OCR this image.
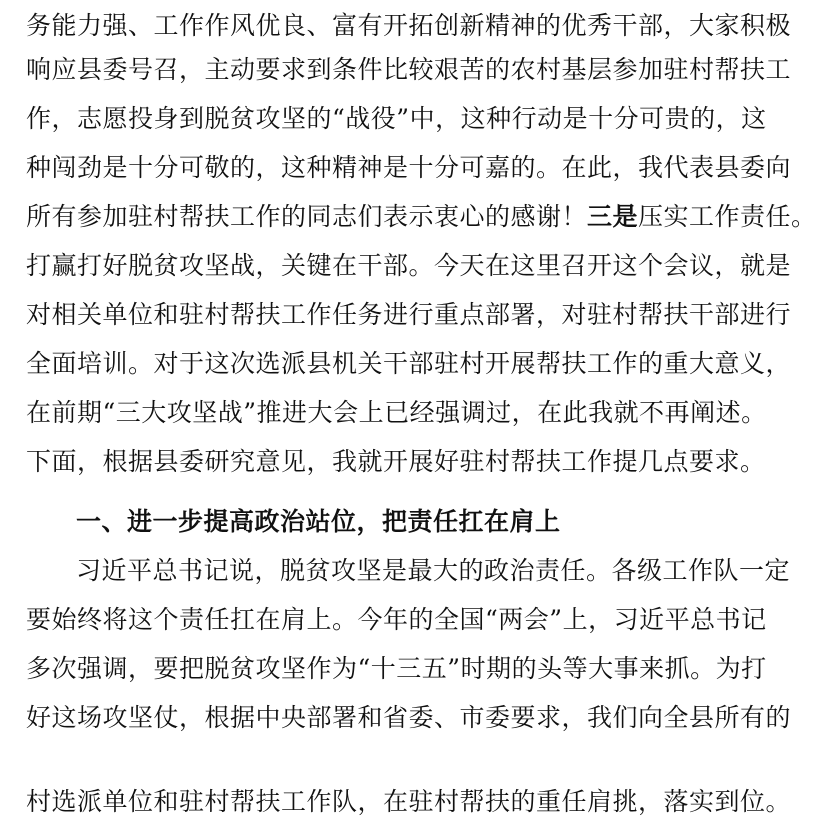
务能力强、工作作风优良、富有开拓创新精神的优秀干部，大家积极
响应县委号召，主动要求到条件比较艰苦的农村基层参加驻村帮扶工
作，志愿投身到脱贫攻坚的“战役”中，这种行动是十分可贵的，这
种闯劲是十分可敬的，这种精神是十分可嘉的。在此，我代表县委向
所有参加驻村帮扶工作的同志们表示衷心的感谢！三是压实工作责任。
打赢打好脱贫攻坚战，关键在干部。今天在这里召开这个会议，就是
对相关单位和驻村帮扶工作任务进行重点部署，对驻村帮扶干部进行
全面培训。对于这次选派县机关干部驻村开展帮扶工作的重大意义，
在前期“三大攻坚战”推进大会上已经强调过，在此我就不再阐述。
下面，根据县委研究意见，我就开展好驻村帮扶工作提几点要求。
一、进一步提高政治站位，把责任扛在肩上
习近平总书记说，脱贫攻坚是最大的政治责任。各级工作队一定
要始终将这个责任扛在肩上。今年的全国“两会”上，习近平总书记
多次强调，要把脱贫攻坚作为“十三五”时期的头等大事来抓。为打
好这场攻坚仗，根据中央部署和省委、市委要求，我们向全县所有的
村选派单位和驻村帮扶工作队，在驻村帮扶的重任肩挑，落实到位。
